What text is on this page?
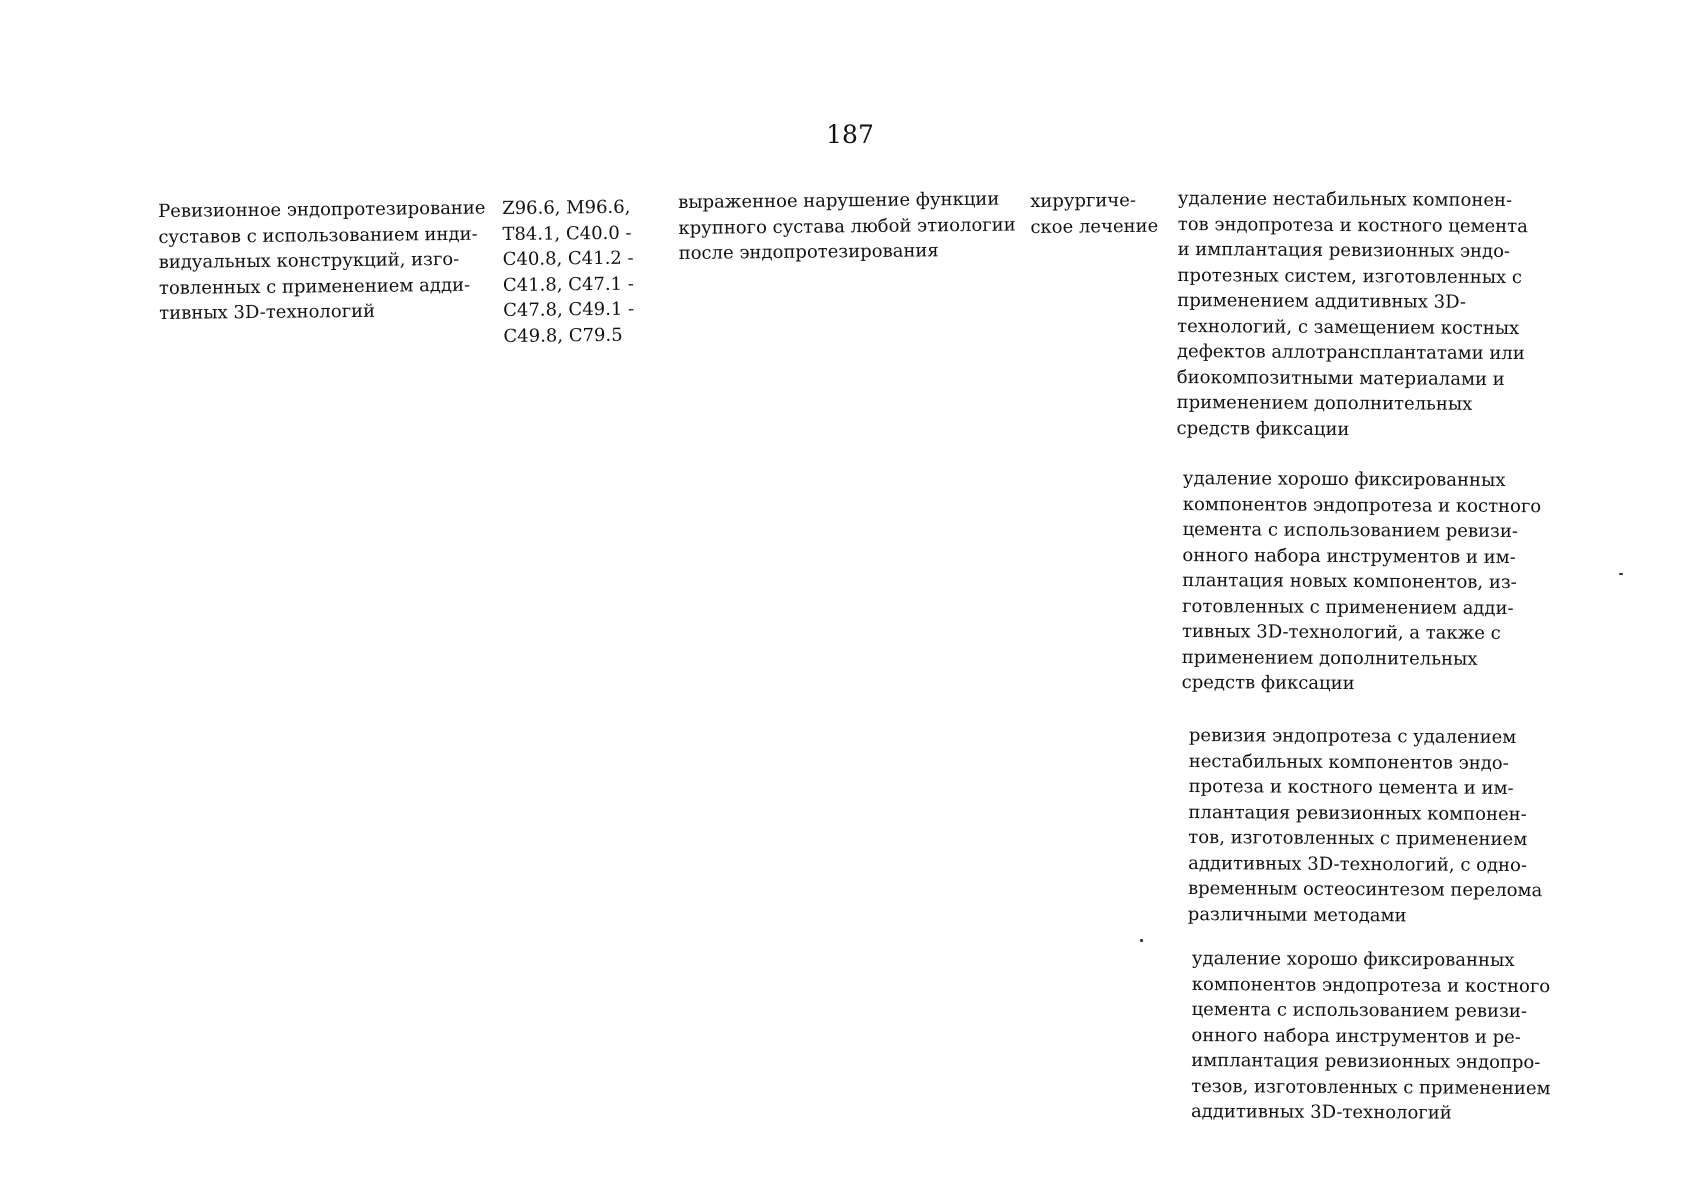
187
Ревизионное эндопротезирование
суставов с использованием инди-
видуальных конструкций, изго-
товленных с применением адди-
тивных 3D-технологий
Z96.6, M96.6,
T84.1, C40.0 -
C40.8, C41.2 -
C41.8, C47.1 -
C47.8, C49.1 -
C49.8, C79.5
выраженное нарушение функции
крупного сустава любой этиологии
после эндопротезирования
хирургиче-
ское лечение
удаление нестабильных компонен-
тов эндопротеза и костного цемента
и имплантация ревизионных эндо-
протезных систем, изготовленных с
применением аддитивных 3D-
технологий, с замещением костных
дефектов аллотрансплантатами или
биокомпозитными материалами и
применением дополнительных
средств фиксации
удаление хорошо фиксированных
компонентов эндопротеза и костного
цемента с использованием ревизи-
онного набора инструментов и им-
плантация новых компонентов, из-
готовленных с применением адди-
тивных 3D-технологий, а также с
применением дополнительных
средств фиксации
ревизия эндопротеза с удалением
нестабильных компонентов эндо-
протеза и костного цемента и им-
плантация ревизионных компонен-
тов, изготовленных с применением
аддитивных 3D-технологий, с одно-
временным остеосинтезом перелома
различными методами
удаление хорошо фиксированных
компонентов эндопротеза и костного
цемента с использованием ревизи-
онного набора инструментов и ре-
имплантация ревизионных эндопро-
тезов, изготовленных с применением
аддитивных 3D-технологий
